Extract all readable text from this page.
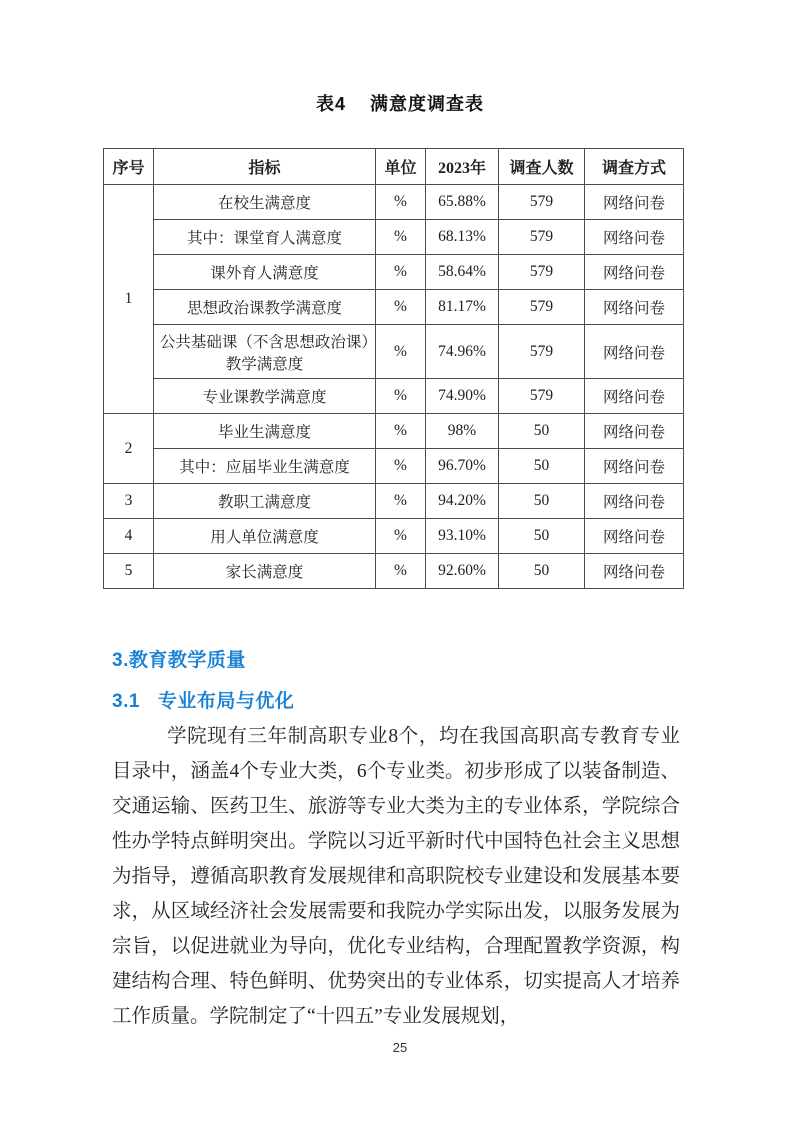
表4 满意度调查表
序号	指标	单位	2023年	调查人数	调查方式
1	在校生满意度	%	65.88%	579	网络问卷
	其中：课堂育人满意度	%	68.13%	579	网络问卷
	课外育人满意度	%	58.64%	579	网络问卷
	思想政治课教学满意度	%	81.17%	579	网络问卷
	公共基础课（不含思想政治课）教学满意度	%	74.96%	579	网络问卷
	专业课教学满意度	%	74.90%	579	网络问卷
2	毕业生满意度	%	98%	50	网络问卷
	其中：应届毕业生满意度	%	96.70%	50	网络问卷
3	教职工满意度	%	94.20%	50	网络问卷
4	用人单位满意度	%	93.10%	50	网络问卷
5	家长满意度	%	92.60%	50	网络问卷
3.教育教学质量
3.1 专业布局与优化
学院现有三年制高职专业8个，均在我国高职高专教育专业目录中，涵盖4个专业大类，6个专业类。初步形成了以装备制造、交通运输、医药卫生、旅游等专业大类为主的专业体系，学院综合性办学特点鲜明突出。学院以习近平新时代中国特色社会主义思想为指导，遵循高职教育发展规律和高职院校专业建设和发展基本要求，从区域经济社会发展需要和我院办学实际出发，以服务发展为宗旨，以促进就业为导向，优化专业结构，合理配置教学资源，构建结构合理、特色鲜明、优势突出的专业体系，切实提高人才培养工作质量。学院制定了“十四五”专业发展规划，
25
